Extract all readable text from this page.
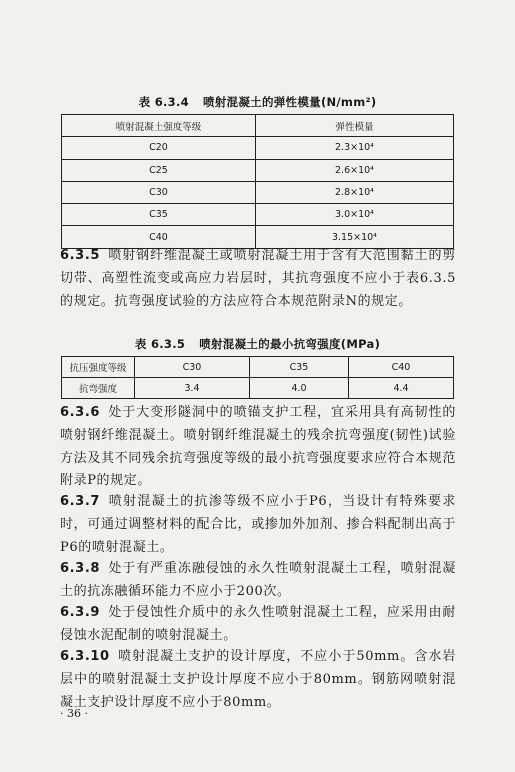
表 6.3.4 喷射混凝土的弹性模量(N/mm²)
喷射混凝土强度等级	弹性模量
C20	2.3×10⁴
C25	2.6×10⁴
C30	2.8×10⁴
C35	3.0×10⁴
C40	3.15×10⁴
6.3.5 喷射钢纤维混凝土或喷射混凝土用于含有大范围黏土的剪切带、高塑性流变或高应力岩层时，其抗弯强度不应小于表6.3.5的规定。抗弯强度试验的方法应符合本规范附录N的规定。
表 6.3.5 喷射混凝土的最小抗弯强度(MPa)
抗压强度等级	C30	C35	C40
抗弯强度	3.4	4.0	4.4
6.3.6 处于大变形隧洞中的喷锚支护工程，宜采用具有高韧性的喷射钢纤维混凝土。喷射钢纤维混凝土的残余抗弯强度(韧性)试验方法及其不同残余抗弯强度等级的最小抗弯强度要求应符合本规范附录P的规定。
6.3.7 喷射混凝土的抗渗等级不应小于P6，当设计有特殊要求时，可通过调整材料的配合比，或掺加外加剂、掺合料配制出高于P6的喷射混凝土。
6.3.8 处于有严重冻融侵蚀的永久性喷射混凝土工程，喷射混凝土的抗冻融循环能力不应小于200次。
6.3.9 处于侵蚀性介质中的永久性喷射混凝土工程，应采用由耐侵蚀水泥配制的喷射混凝土。
6.3.10 喷射混凝土支护的设计厚度，不应小于50mm。含水岩层中的喷射混凝土支护设计厚度不应小于80mm。钢筋网喷射混凝土支护设计厚度不应小于80mm。
· 36 ·
